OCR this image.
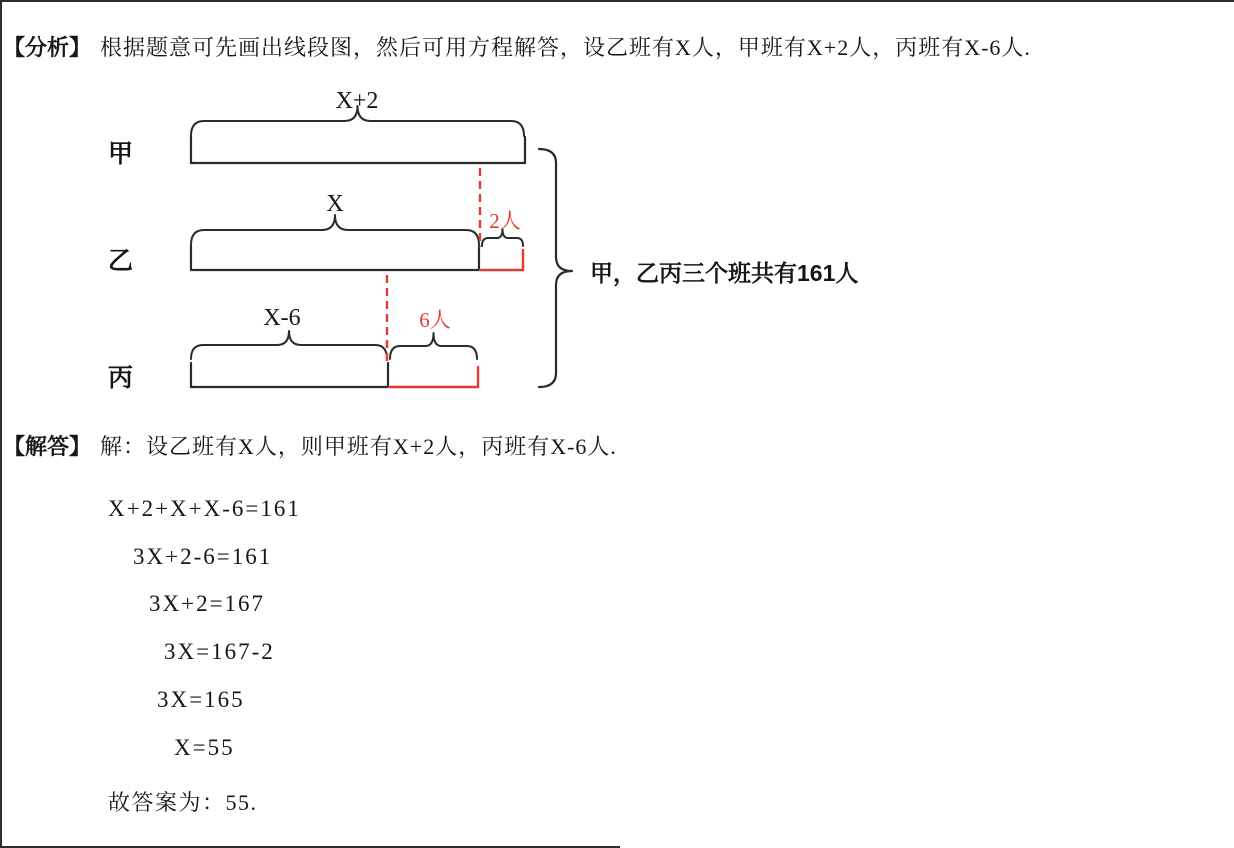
【分析】 根据题意可先画出线段图，然后可用方程解答，设乙班有X人，甲班有X+2人，丙班有X-6人.
甲
乙
丙
X+2
X
2人
X-6	6人
甲，乙丙三个班共有161人
【解答】 解：设乙班有X人，则甲班有X+2人，丙班有X-6人.
X+2+X+X-6=161
3X+2-6=161
3X+2=167
3X=167-2
3X=165
X=55
故答案为：55.
